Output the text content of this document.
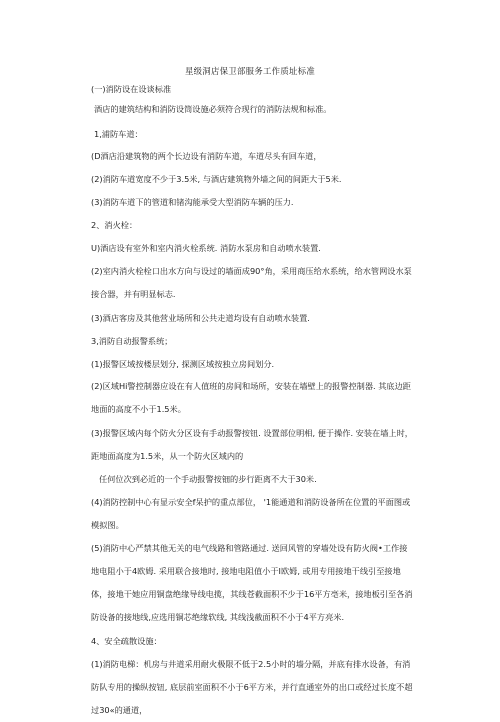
星级洞店保卫部服务工作质址标准

(一)消防设在设谈标准

酒店的建筑结构和消防设筒设施必须符合现行的消防法规和标准。

1,浦防车道：

(D酒店沿建筑物的两个长边设有消防车道，车道尽头有回车道，

(2)消防车道宽度不少于3.5米, 与酒店建筑物外墙之间的间距大于5米.

(3)消防车道下的管道和锗沟能承受大型消防车辆的压力.

2、消火栓：

U)酒店设有室外和室内消火栓系统. 消防水泵房和自动喷水装置.

(2)室内消火栓栓口出水方向与设过的墙面成90°角，采用商压给水系统，给水管网设水泵接合器，并有明显标志.

(3)酒店客房及其他营业场所和公共走道均设有自动喷水装置.

3,消防自动报警系统；

(1)报警区域按楼层划分, 探测区域按独立房间划分.

(2)区域Hi警控制器应设在有人值班的房间和场所，安装在墙壁上的报警控制器. 其底边距地面的高度不小于1.5米。

(3)报警区域内每个防火分区设有手动报警按钮. 设置部位明相, 便于操作. 安装在墙上时，距地面高度为1.5米，从一个防火区域内的

任何位次到必近的一个手动报警按钿的步行距离不大于30米.

(4)消防控制中心有显示安全f呆护的重点部位， '1能通道和消防设备所在位置的平面图或模拟图。

(5)消防中心严禁其他无关的电气线路和管路通过. 送回风管的穿墙处设有防火阀•工作接地电阻小于4欧姆. 采用联合接地时, 接地电阻值小于I欧姆, 或用专用接地干线引至接地体，接地干她应用铜盘绝缘导线电揽，其线苍截面积不少于16平方亳米，接地板引至各消防设备的接地线,应选用铜芯绝缘软线, 其线浅截面积不小于4平方亮米.

4、安全疏散设施：

(1)消防电梯：机房与井道采用耐火极限不低于2.5小时的墙分隔，并底有排水设备，有消防队专用的操纵按钮, 底层前室面积不小于6平方米，并行直通室外的出口或经过长度不超过30«的通道，
